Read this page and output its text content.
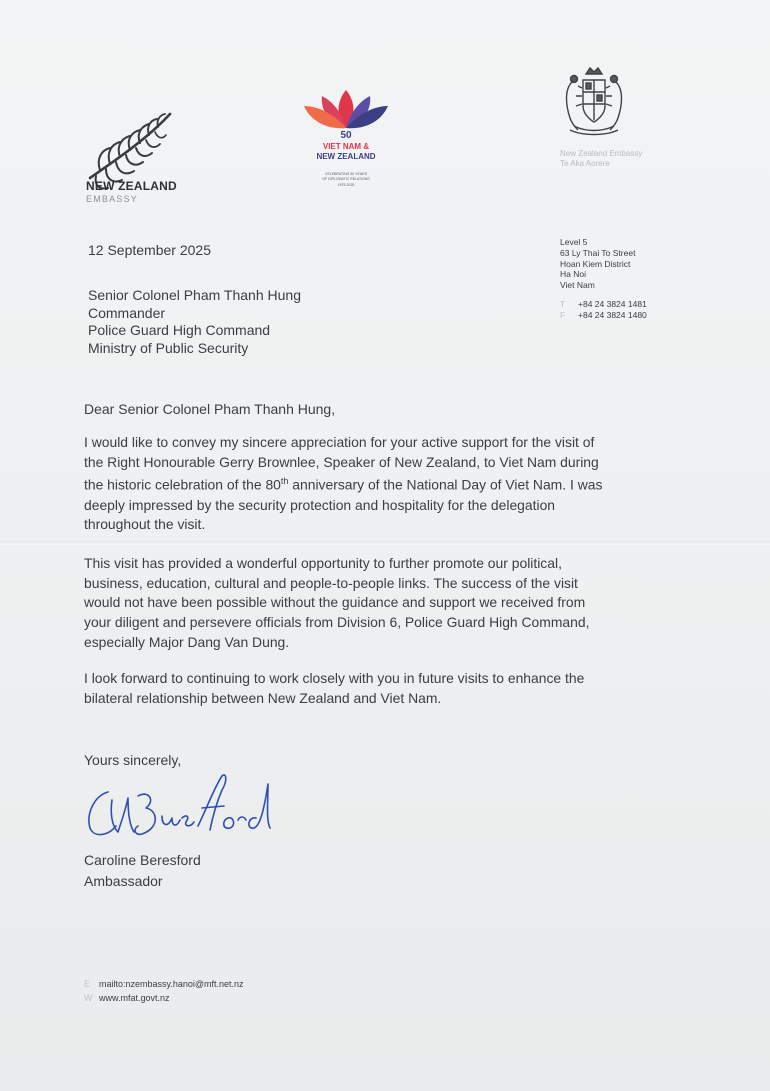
NEW ZEALAND
EMBASSY
50
VIET NAM &
NEW ZEALAND
CELEBRATING 50 YEARS
OF DIPLOMATIC RELATIONS
1975-2025
New Zealand Embassy
Te Aka Aorere
12 September 2025	Level 5
63 Ly Thai To Street
Hoan Kiem District
Ha Noi
Viet Nam
T +84 24 3824 1481
F +84 24 3824 1480
Senior Colonel Pham Thanh Hung
Commander
Police Guard High Command
Ministry of Public Security
Dear Senior Colonel Pham Thanh Hung,
I would like to convey my sincere appreciation for your active support for the visit of
the Right Honourable Gerry Brownlee, Speaker of New Zealand, to Viet Nam during
the historic celebration of the 80th anniversary of the National Day of Viet Nam. I was
deeply impressed by the security protection and hospitality for the delegation
throughout the visit.
This visit has provided a wonderful opportunity to further promote our political,
business, education, cultural and people-to-people links. The success of the visit
would not have been possible without the guidance and support we received from
your diligent and persevere officials from Division 6, Police Guard High Command,
especially Major Dang Van Dung.
I look forward to continuing to work closely with you in future visits to enhance the
bilateral relationship between New Zealand and Viet Nam.
Yours sincerely,
Caroline Beresford
Ambassador
E mailto:nzembassy.hanoi@mft.net.nz
W www.mfat.govt.nz
